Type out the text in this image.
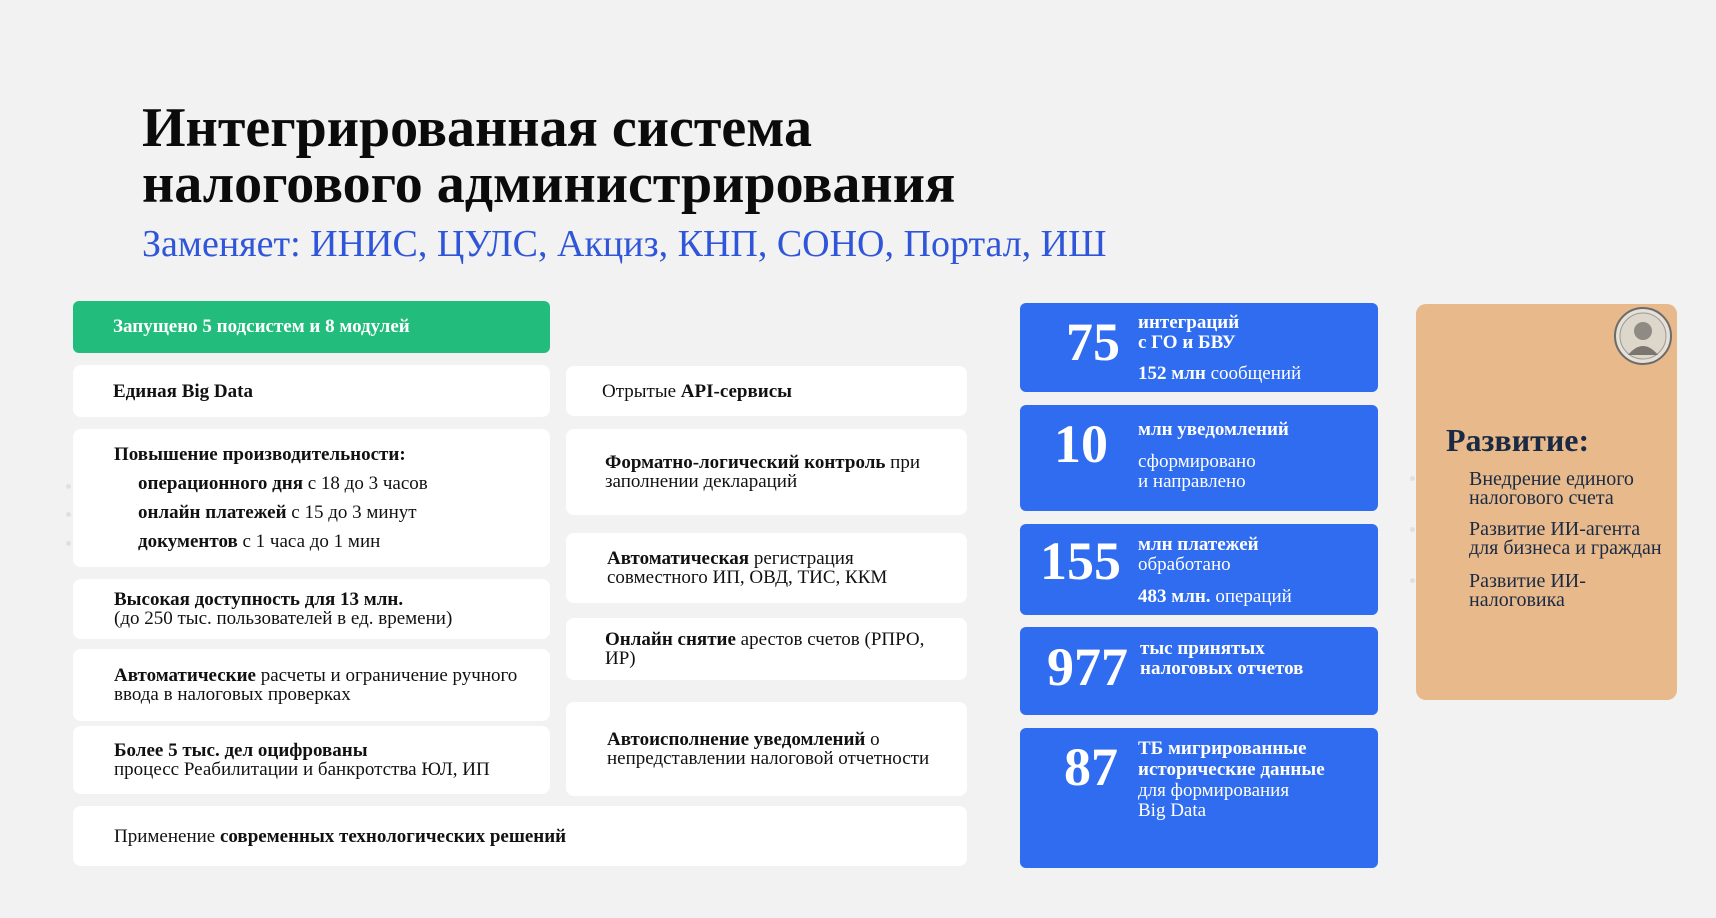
Интегрированная система
налогового администрирования
Заменяет: ИНИС, ЦУЛС, Акциз, КНП, СОНО, Портал, ИШ
Запущено 5 подсистем и 8 модулей
Единая Big Data
Повышение производительности:
операционного дня с 18 до 3 часов
онлайн платежей с 15 до 3 минут
документов с 1 часа до 1 мин
Высокая доступность для 13 млн.
(до 250 тыс. пользователей в ед. времени)
Автоматические расчеты и ограничение ручного ввода в налоговых проверках
Более 5 тыс. дел оцифрованы
процесс Реабилитации и банкротства ЮЛ, ИП
Применение современных технологических решений
Отрытые API-сервисы
Форматно-логический контроль при заполнении деклараций
Автоматическая регистрация совместного ИП, ОВД, ТИС, ККМ
Онлайн снятие арестов счетов (РПРО, ИР)
Автоисполнение уведомлений о непредставлении налоговой отчетности
75 интеграций
с ГО и БВУ
152 млн сообщений
10 млн уведомлений
сформировано
и направлено
155 млн платежей
обработано
483 млн. операций
977 тыс принятых
налоговых отчетов
87 ТБ мигрированные
исторические данные
для формирования
Big Data
Развитие:
Внедрение единого
налогового счета
Развитие ИИ-агента
для бизнеса и граждан
Развитие ИИ-
налоговика
